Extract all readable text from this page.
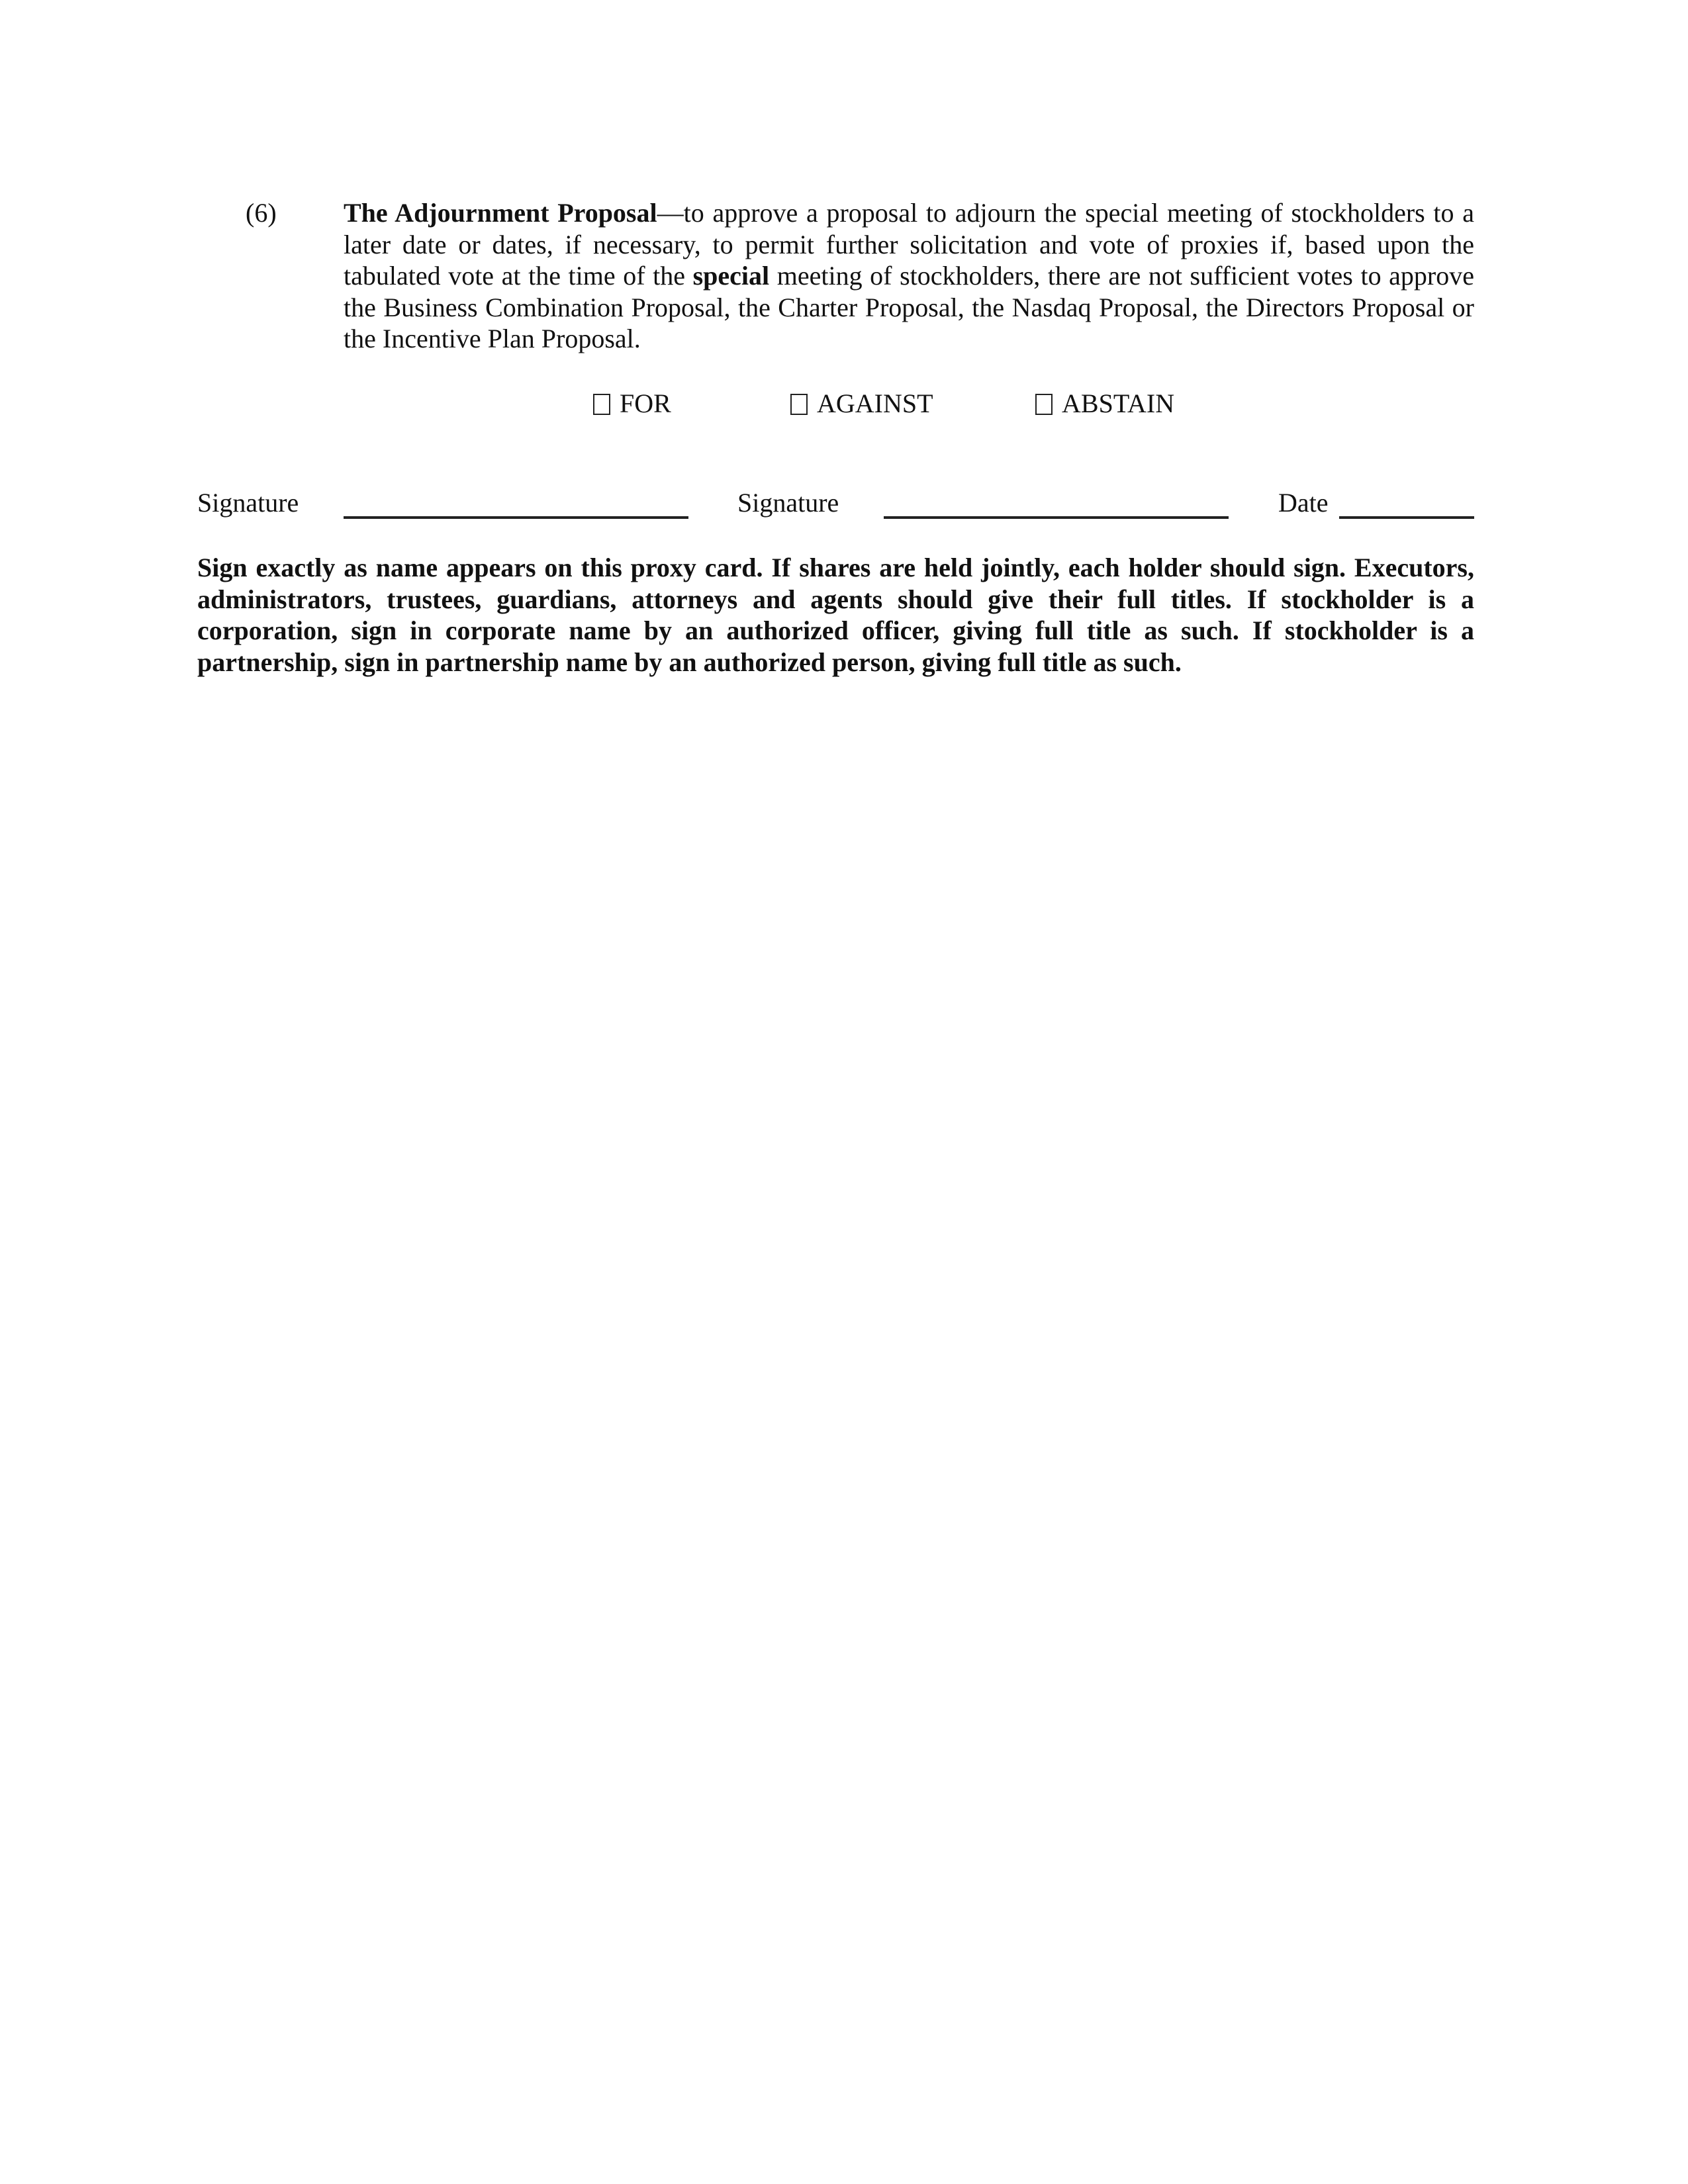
(6)	The Adjournment Proposal—to approve a proposal to adjourn the special meeting of stockholders to a later date or dates, if necessary, to permit further solicitation and vote of proxies if, based upon the tabulated vote at the time of the special meeting of stockholders, there are not sufficient votes to approve the Business Combination Proposal, the Charter Proposal, the Nasdaq Proposal, the Directors Proposal or the Incentive Plan Proposal.
FOR	AGAINST	ABSTAIN
Signature	Signature	Date
Sign exactly as name appears on this proxy card. If shares are held jointly, each holder should sign. Executors, administrators, trustees, guardians, attorneys and agents should give their full titles. If stockholder is a corporation, sign in corporate name by an authorized officer, giving full title as such. If stockholder is a partnership, sign in partnership name by an authorized person, giving full title as such.
